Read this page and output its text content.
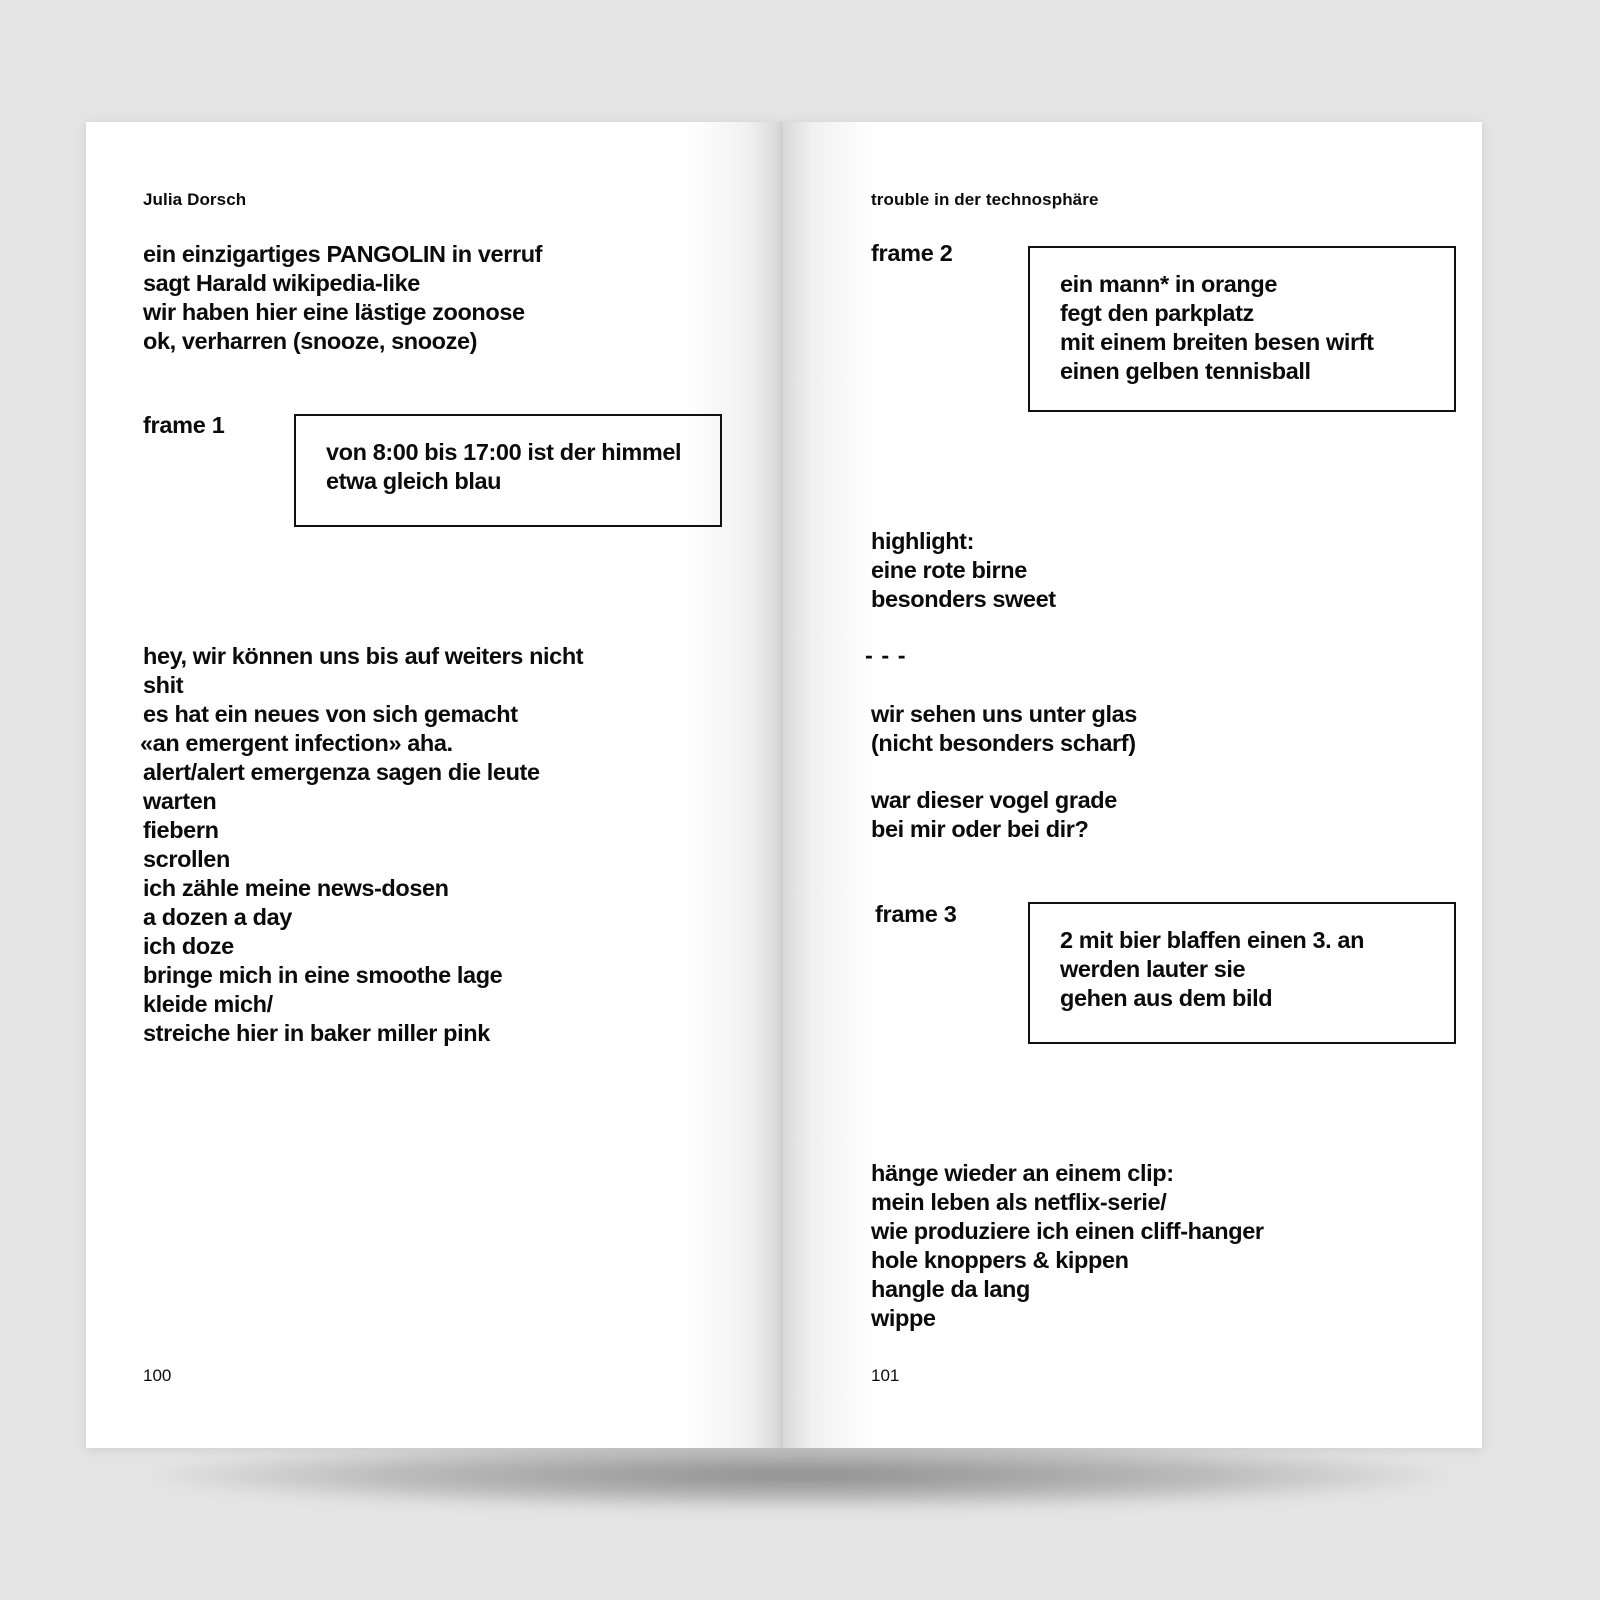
Julia Dorsch
ein einzigartiges PANGOLIN in verruf
sagt Harald wikipedia-like
wir haben hier eine lästige zoonose
ok, verharren (snooze, snooze)
frame 1
von 8:00 bis 17:00 ist der himmel
etwa gleich blau
hey, wir können uns bis auf weiters nicht
shit
es hat ein neues von sich gemacht
«an emergent infection» aha.
alert/alert emergenza sagen die leute
warten
fiebern
scrollen
ich zähle meine news-dosen
a dozen a day
ich doze
bringe mich in eine smoothe lage
kleide mich/
streiche hier in baker miller pink
100
trouble in der technosphäre
frame 2
ein mann* in orange
fegt den parkplatz
mit einem breiten besen wirft
einen gelben tennisball
highlight:
eine rote birne
besonders sweet
- - -
wir sehen uns unter glas
(nicht besonders scharf)
war dieser vogel grade
bei mir oder bei dir?
frame 3
2 mit bier blaffen einen 3. an
werden lauter sie
gehen aus dem bild
hänge wieder an einem clip:
mein leben als netflix-serie/
wie produziere ich einen cliff-hanger
hole knoppers & kippen
hangle da lang
wippe
101
